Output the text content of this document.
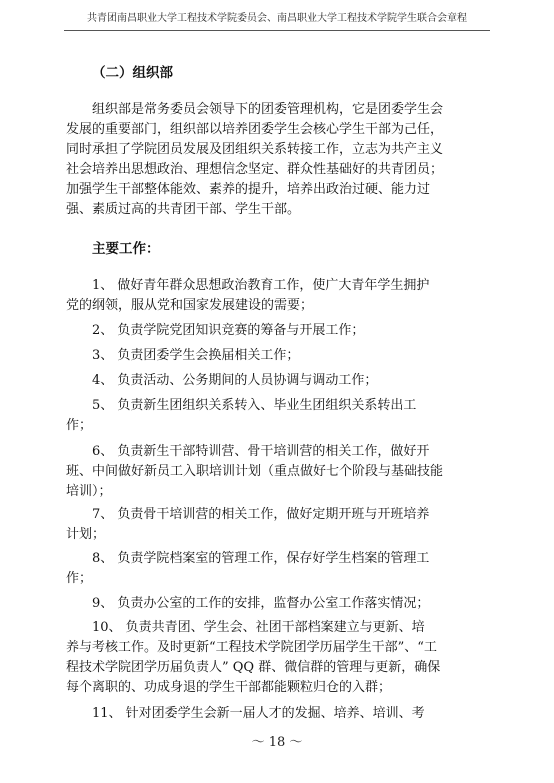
共青团南昌职业大学工程技术学院委员会、南昌职业大学工程技术学院学生联合会章程
（二）组织部
组织部是常务委员会领导下的团委管理机构，它是团委学生会
发展的重要部门，组织部以培养团委学生会核心学生干部为己任，
同时承担了学院团员发展及团组织关系转接工作，立志为共产主义
社会培养出思想政治、理想信念坚定、群众性基础好的共青团员；
加强学生干部整体能效、素养的提升，培养出政治过硬、能力过
强、素质过高的共青团干部、学生干部。
主要工作：
1、 做好青年群众思想政治教育工作，使广大青年学生拥护
党的纲领，服从党和国家发展建设的需要；
2、 负责学院党团知识竞赛的筹备与开展工作；
3、 负责团委学生会换届相关工作；
4、 负责活动、公务期间的人员协调与调动工作；
5、 负责新生团组织关系转入、毕业生团组织关系转出工
作；
6、 负责新生干部特训营、骨干培训营的相关工作，做好开
班、中间做好新员工入职培训计划（重点做好七个阶段与基础技能
培训）；
7、 负责骨干培训营的相关工作，做好定期开班与开班培养
计划；
8、 负责学院档案室的管理工作，保存好学生档案的管理工
作；
9、 负责办公室的工作的安排，监督办公室工作落实情况；
10、 负责共青团、学生会、社团干部档案建立与更新、培
养与考核工作。及时更新“工程技术学院团学历届学生干部”、“工
程技术学院团学历届负责人” QQ 群、微信群的管理与更新，确保
每个离职的、功成身退的学生干部都能颗粒归仓的入群；
11、 针对团委学生会新一届人才的发掘、培养、培训、考
～ 18 ～
